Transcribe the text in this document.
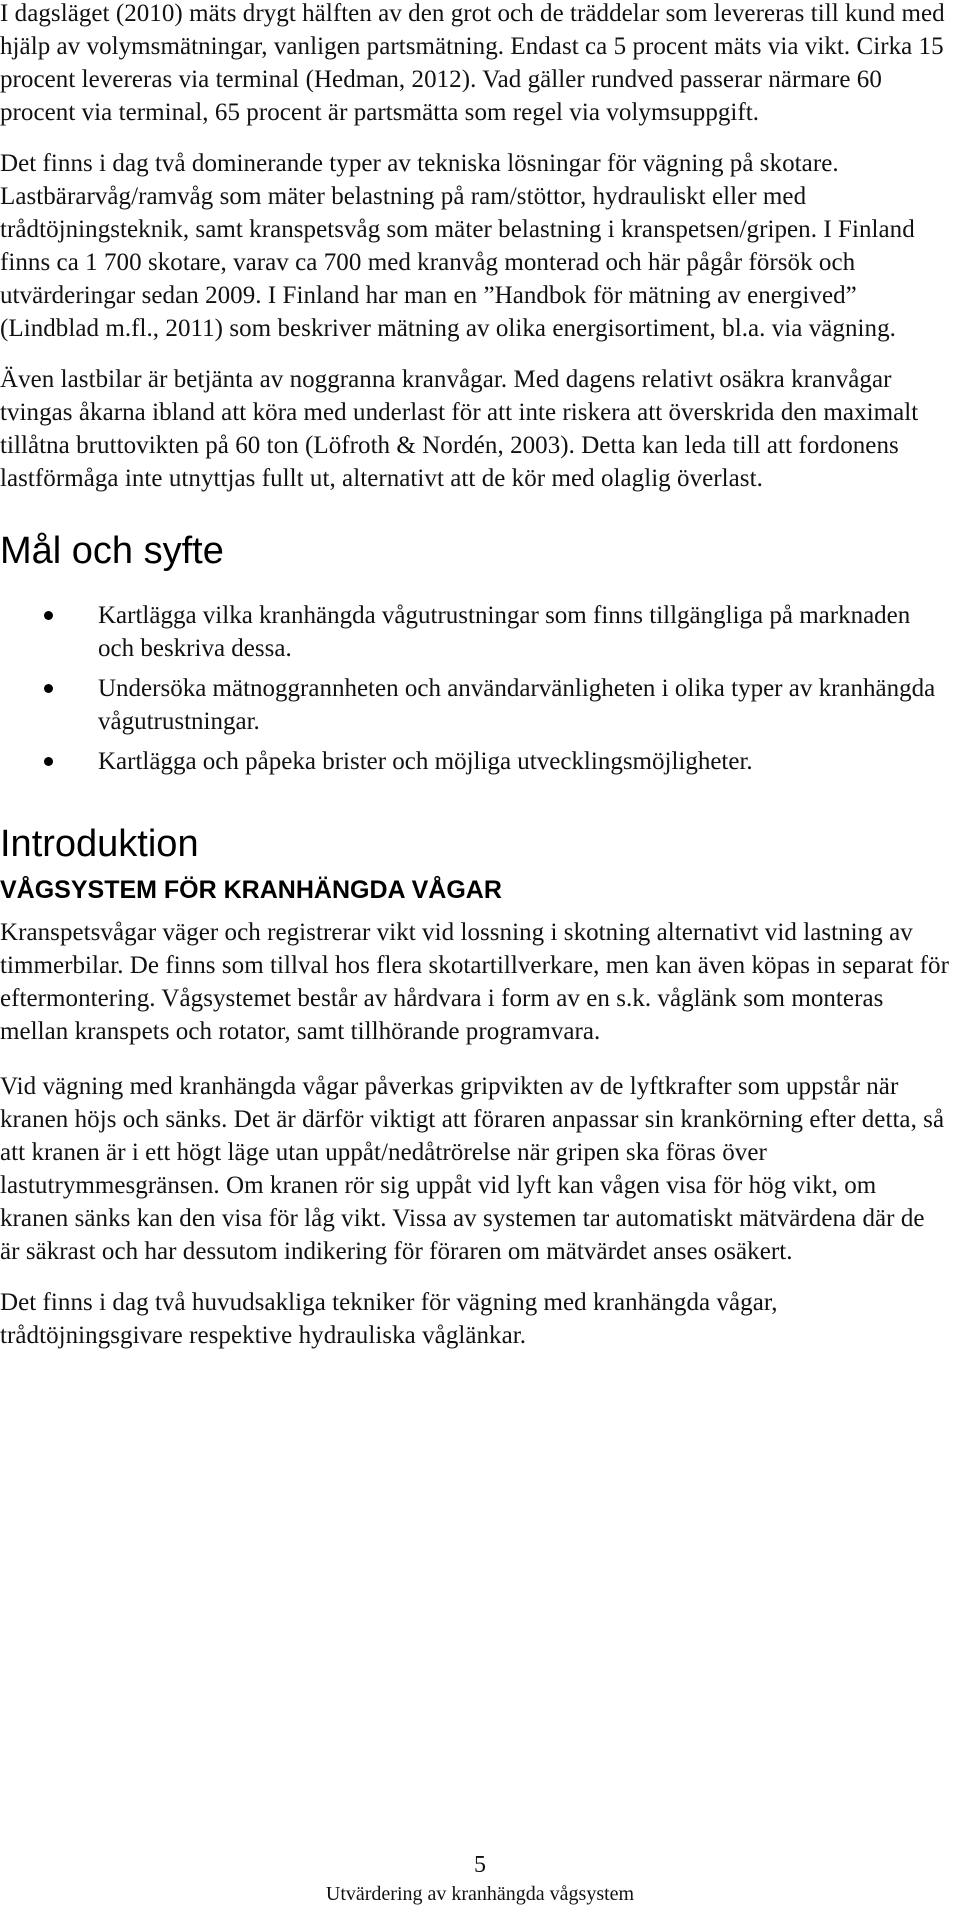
I dagsläget (2010) mäts drygt hälften av den grot och de träddelar som levereras till kund med hjälp av volymsmätningar, vanligen partsmätning. Endast ca 5 procent mäts via vikt. Cirka 15 procent levereras via terminal (Hedman, 2012). Vad gäller rundved passerar närmare 60 procent via terminal, 65 procent är partsmätta som regel via volymsuppgift.

Det finns i dag två dominerande typer av tekniska lösningar för vägning på skotare. Lastbärarvåg/ramvåg som mäter belastning på ram/stöttor, hydrauliskt eller med trådtöjningsteknik, samt kranspetsvåg som mäter belastning i kranspetsen/gripen. I Finland finns ca 1 700 skotare, varav ca 700 med kranvåg monterad och här pågår försök och utvärderingar sedan 2009. I Finland har man en ”Handbok för mätning av energived” (Lindblad m.fl., 2011) som beskriver mätning av olika energisortiment, bl.a. via vägning.

Även lastbilar är betjänta av noggranna kranvågar. Med dagens relativt osäkra kranvågar tvingas åkarna ibland att köra med underlast för att inte riskera att överskrida den maximalt tillåtna bruttovikten på 60 ton (Löfroth & Nordén, 2003). Detta kan leda till att fordonens lastförmåga inte utnyttjas fullt ut, alternativt att de kör med olaglig överlast.

Mål och syfte
Kartlägga vilka kranhängda vågutrustningar som finns tillgängliga på marknaden och beskriva dessa.
Undersöka mätnoggrannheten och användarvänligheten i olika typer av kranhängda vågutrustningar.
Kartlägga och påpeka brister och möjliga utvecklingsmöjligheter.
Introduktion
VÅGSYSTEM FÖR KRANHÄNGDA VÅGAR

Kranspetsvågar väger och registrerar vikt vid lossning i skotning alternativt vid lastning av timmerbilar. De finns som tillval hos flera skotartillverkare, men kan även köpas in separat för eftermontering. Vågsystemet består av hårdvara i form av en s.k. våglänk som monteras mellan kranspets och rotator, samt tillhörande programvara.

Vid vägning med kranhängda vågar påverkas gripvikten av de lyftkrafter som uppstår när kranen höjs och sänks. Det är därför viktigt att föraren anpassar sin krankörning efter detta, så att kranen är i ett högt läge utan uppåt/nedåtrörelse när gripen ska föras över lastutrymmesgränsen. Om kranen rör sig uppåt vid lyft kan vågen visa för hög vikt, om kranen sänks kan den visa för låg vikt. Vissa av systemen tar automatiskt mätvärdena där de är säkrast och har dessutom indikering för föraren om mätvärdet anses osäkert.

Det finns i dag två huvudsakliga tekniker för vägning med kranhängda vågar, trådtöjningsgivare respektive hydrauliska våglänkar.

5
Utvärdering av kranhängda vågsystem
